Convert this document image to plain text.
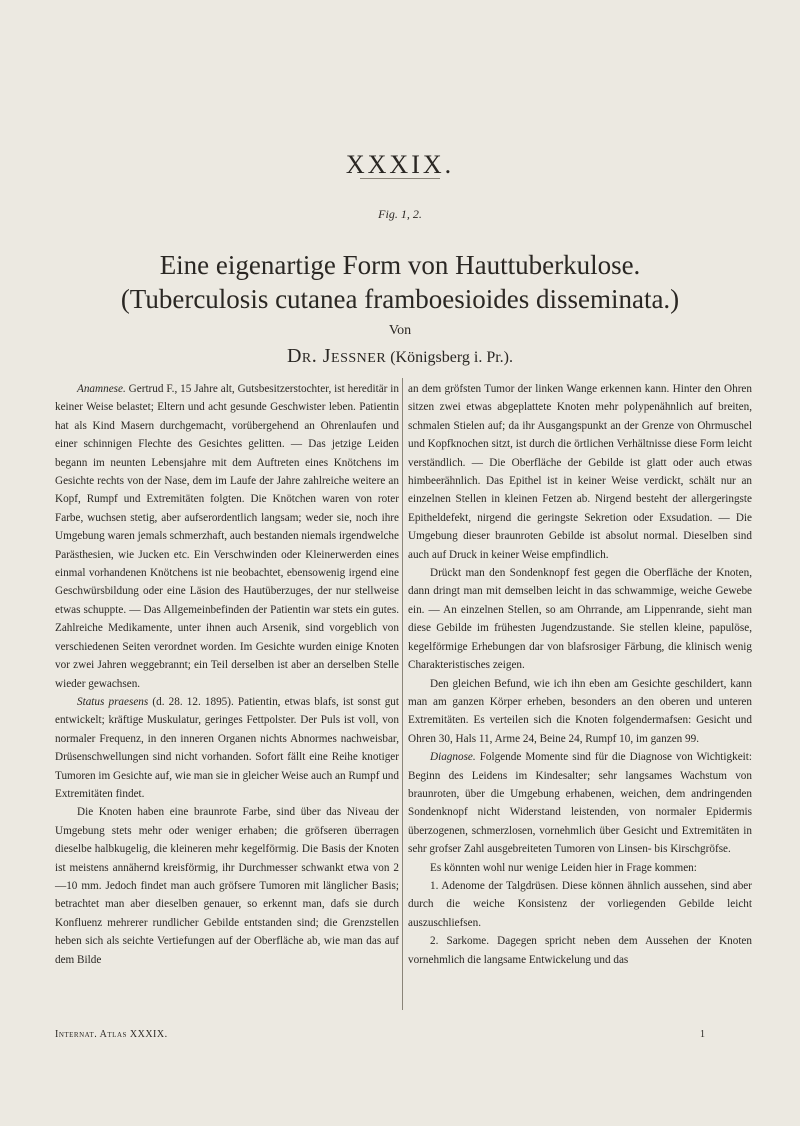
XXXIX.
Fig. 1, 2.
Eine eigenartige Form von Hauttuberkulose.
(Tuberculosis cutanea framboesioides disseminata.)
Von
Dr. Jessner (Königsberg i. Pr.).

Anamnese. Gertrud F., 15 Jahre alt, Gutsbesitzerstochter, ist hereditär in keiner Weise belastet; Eltern und acht gesunde Geschwister leben. Patientin hat als Kind Masern durchgemacht, vorübergehend an Ohrenlaufen und einer schinnigen Flechte des Gesichtes gelitten. — Das jetzige Leiden begann im neunten Lebensjahre mit dem Auftreten eines Knötchens im Gesichte rechts von der Nase, dem im Laufe der Jahre zahlreiche weitere an Kopf, Rumpf und Extremitäten folgten. Die Knötchen waren von roter Farbe, wuchsen stetig, aber aufserordentlich langsam; weder sie, noch ihre Umgebung waren jemals schmerzhaft, auch bestanden niemals irgendwelche Parästhesien, wie Jucken etc. Ein Verschwinden oder Kleinerwerden eines einmal vorhandenen Knötchens ist nie beobachtet, ebensowenig irgend eine Geschwürsbildung oder eine Läsion des Hautüberzuges, der nur stellweise etwas schuppte. — Das Allgemeinbefinden der Patientin war stets ein gutes. Zahlreiche Medikamente, unter ihnen auch Arsenik, sind vorgeblich von verschiedenen Seiten verordnet worden. Im Gesichte wurden einige Knoten vor zwei Jahren weggebrannt; ein Teil derselben ist aber an derselben Stelle wieder gewachsen.

Status praesens (d. 28. 12. 1895). Patientin, etwas blafs, ist sonst gut entwickelt; kräftige Muskulatur, geringes Fettpolster. Der Puls ist voll, von normaler Frequenz, in den inneren Organen nichts Abnormes nachweisbar, Drüsenschwellungen sind nicht vorhanden. Sofort fällt eine Reihe knotiger Tumoren im Gesichte auf, wie man sie in gleicher Weise auch an Rumpf und Extremitäten findet.

Die Knoten haben eine braunrote Farbe, sind über das Niveau der Umgebung stets mehr oder weniger erhaben; die gröfseren überragen dieselbe halbkugelig, die kleineren mehr kegelförmig. Die Basis der Knoten ist meistens annähernd kreisförmig, ihr Durchmesser schwankt etwa von 2—10 mm. Jedoch findet man auch gröfsere Tumoren mit länglicher Basis; betrachtet man aber dieselben genauer, so erkennt man, dafs sie durch Konfluenz mehrerer rundlicher Gebilde entstanden sind; die Grenzstellen heben sich als seichte Vertiefungen auf der Oberfläche ab, wie man das auf dem Bilde

an dem gröfsten Tumor der linken Wange erkennen kann. Hinter den Ohren sitzen zwei etwas abgeplattete Knoten mehr polypenähnlich auf breiten, schmalen Stielen auf; da ihr Ausgangspunkt an der Grenze von Ohrmuschel und Kopfknochen sitzt, ist durch die örtlichen Verhältnisse diese Form leicht verständlich. — Die Oberfläche der Gebilde ist glatt oder auch etwas himbeerähnlich. Das Epithel ist in keiner Weise verdickt, schält nur an einzelnen Stellen in kleinen Fetzen ab. Nirgend besteht der allergeringste Epitheldefekt, nirgend die geringste Sekretion oder Exsudation. — Die Umgebung dieser braunroten Gebilde ist absolut normal. Dieselben sind auch auf Druck in keiner Weise empfindlich.

Drückt man den Sondenknopf fest gegen die Oberfläche der Knoten, dann dringt man mit demselben leicht in das schwammige, weiche Gewebe ein. — An einzelnen Stellen, so am Ohrrande, am Lippenrande, sieht man diese Gebilde im frühesten Jugendzustande. Sie stellen kleine, papulöse, kegelförmige Erhebungen dar von blafsrosiger Färbung, die klinisch wenig Charakteristisches zeigen.

Den gleichen Befund, wie ich ihn eben am Gesichte geschildert, kann man am ganzen Körper erheben, besonders an den oberen und unteren Extremitäten. Es verteilen sich die Knoten folgendermafsen: Gesicht und Ohren 30, Hals 11, Arme 24, Beine 24, Rumpf 10, im ganzen 99.

Diagnose. Folgende Momente sind für die Diagnose von Wichtigkeit: Beginn des Leidens im Kindesalter; sehr langsames Wachstum von braunroten, über die Umgebung erhabenen, weichen, dem andringenden Sondenknopf nicht Widerstand leistenden, von normaler Epidermis überzogenen, schmerzlosen, vornehmlich über Gesicht und Extremitäten in sehr grofser Zahl ausgebreiteten Tumoren von Linsen- bis Kirschgröfse.

Es könnten wohl nur wenige Leiden hier in Frage kommen:

1. Adenome der Talgdrüsen. Diese können ähnlich aussehen, sind aber durch die weiche Konsistenz der vorliegenden Gebilde leicht auszuschliefsen.

2. Sarkome. Dagegen spricht neben dem Aussehen der Knoten vornehmlich die langsame Entwickelung und das

Internat. Atlas XXXIX.	1
